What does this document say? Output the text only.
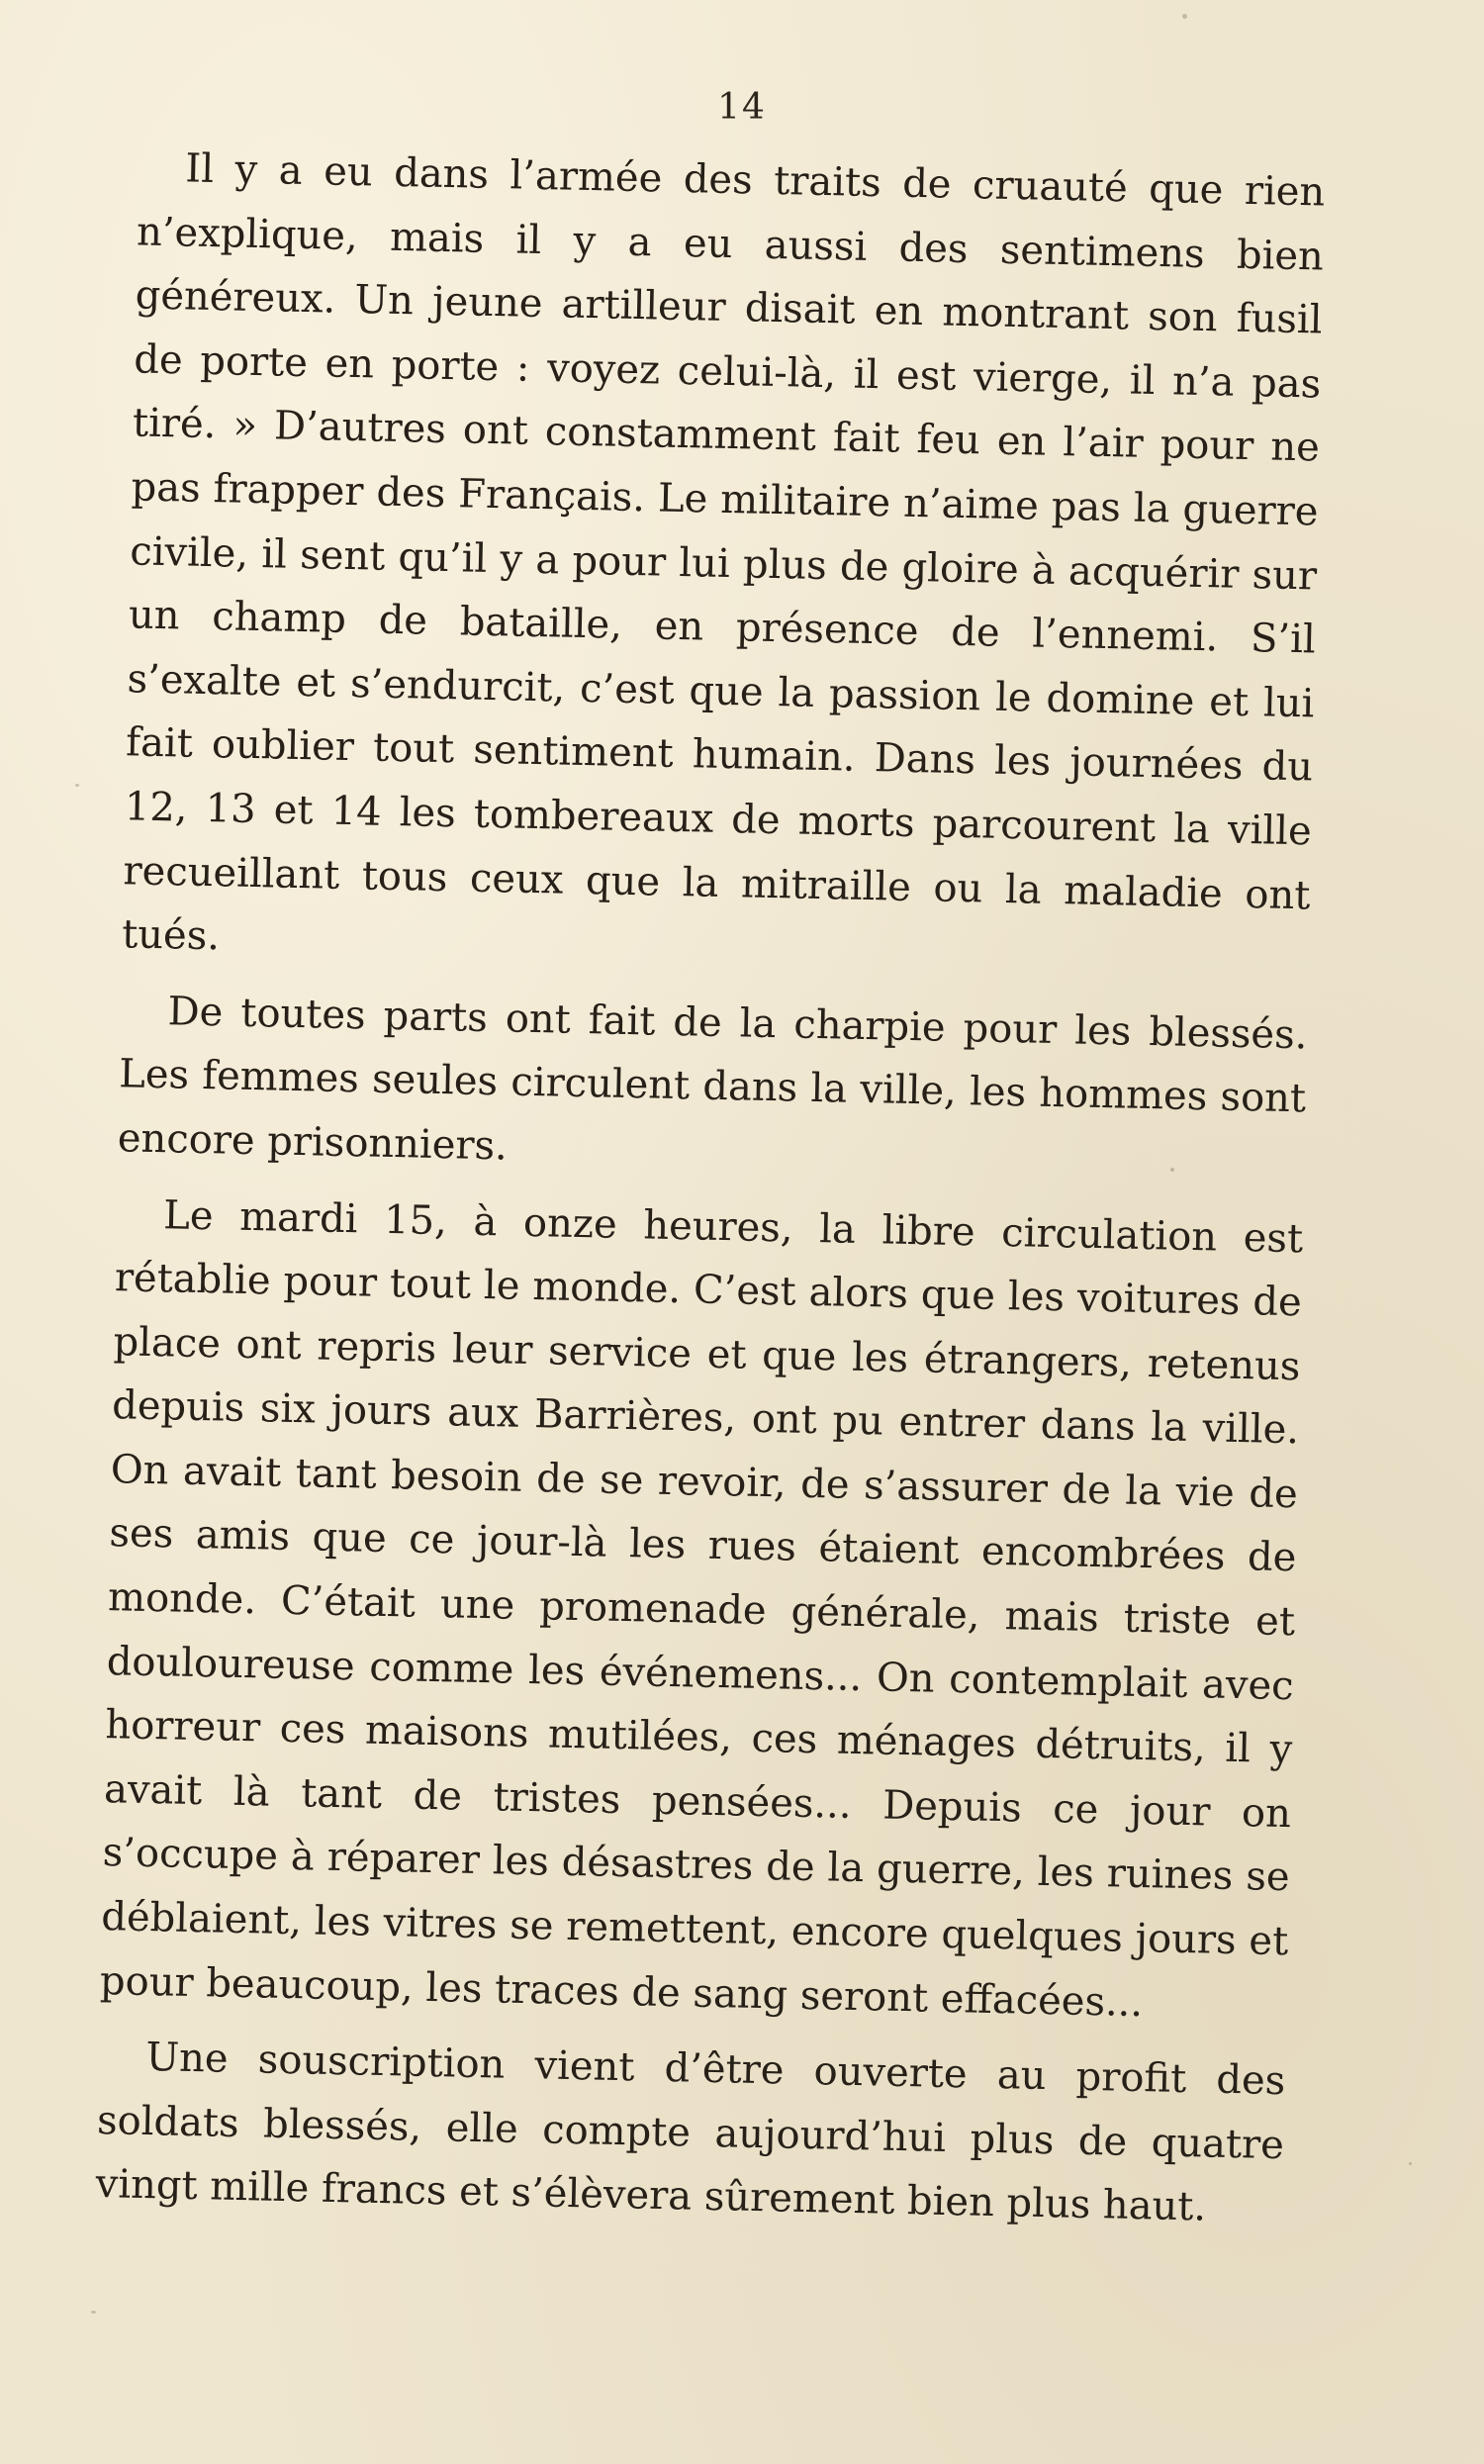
14

Il y a eu dans l’armée des traits de cruauté que rien n’explique, mais il y a eu aussi des sentimens bien généreux. Un jeune artilleur disait en montrant son fusil de porte en porte : voyez celui-là, il est vierge, il n’a pas tiré. » D’autres ont constamment fait feu en l’air pour ne pas frapper des Français. Le militaire n’aime pas la guerre civile, il sent qu’il y a pour lui plus de gloire à acquérir sur un champ de bataille, en présence de l’ennemi. S’il s’exalte et s’endurcit, c’est que la passion le domine et lui fait oublier tout sentiment humain. Dans les journées du 12, 13 et 14 les tombereaux de morts parcourent la ville recueillant tous ceux que la mitraille ou la maladie ont tués.

De toutes parts ont fait de la charpie pour les blessés. Les femmes seules circulent dans la ville, les hommes sont encore prisonniers.

Le mardi 15, à onze heures, la libre circulation est rétablie pour tout le monde. C’est alors que les voitures de place ont repris leur service et que les étrangers, retenus depuis six jours aux Barrières, ont pu entrer dans la ville. On avait tant besoin de se revoir, de s’assurer de la vie de ses amis que ce jour-là les rues étaient encombrées de monde. C’était une promenade générale, mais triste et douloureuse comme les événemens... On contemplait avec horreur ces maisons mutilées, ces ménages détruits, il y avait là tant de tristes pensées... Depuis ce jour on s’occupe à réparer les désastres de la guerre, les ruines se déblaient, les vitres se remettent, encore quelques jours et pour beaucoup, les traces de sang seront effacées...

Une souscription vient d’être ouverte au profit des soldats blessés, elle compte aujourd’hui plus de quatre vingt mille francs et s’élèvera sûrement bien plus haut.
